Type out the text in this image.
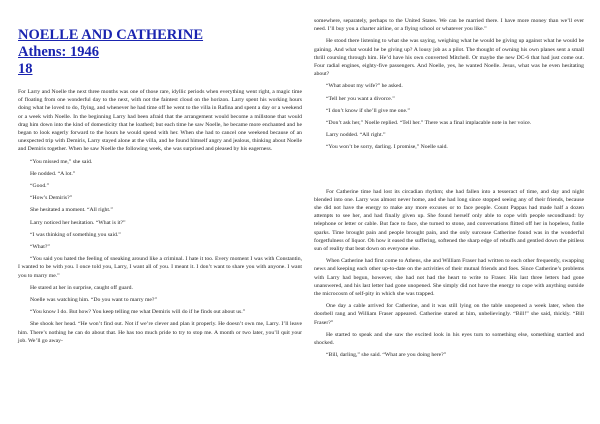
NOELLE AND CATHERINE
Athens: 1946
18

For Larry and Noelle the next three months was one of those rare, idyllic periods when everything went right, a magic time of floating from one wonderful day to the next, with not the faintest cloud on the horizon. Larry spent his working hours doing what he loved to do, flying, and whenever he had time off he went to the villa in Rafina and spent a day or a weekend or a week with Noelle. In the beginning Larry had been afraid that the arrangement would become a millstone that would drag him down into the kind of domesticity that he loathed; but each time he saw Noelle, he became more enchanted and he began to look eagerly forward to the hours he would spend with her. When she had to cancel one weekend because of an unexpected trip with Demiris, Larry stayed alone at the villa, and he found himself angry and jealous, thinking about Noelle and Demiris together. When he saw Noelle the following week, she was surprised and pleased by his eagerness.

“You missed me,” she said.

He nodded. “A lot.”

“Good.”

“How’s Demiris?”

She hesitated a moment. “All right.”

Larry noticed her hesitation. “What is it?”

“I was thinking of something you said.”

“What?”

“You said you hated the feeling of sneaking around like a criminal. I hate it too. Every moment I was with Constantin, I wanted to be with you. I once told you, Larry, I want all of you. I meant it. I don’t want to share you with anyone. I want you to marry me.”

He stared at her in surprise, caught off guard.

Noelle was watching him. “Do you want to marry me?”

“You know I do. But how? You keep telling me what Demiris will do if he finds out about us.”

She shook her head. “He won’t find out. Not if we’re clever and plan it properly. He doesn’t own me, Larry. I’ll leave him. There’s nothing he can do about that. He has too much pride to try to stop me. A month or two later, you’ll quit your job. We’ll go away-

somewhere, separately, perhaps to the United States. We can be married there. I have more money than we’ll ever need. I’ll buy you a charter airline, or a flying school or whatever you like.”

He stood there listening to what she was saying, weighing what he would be giving up against what he would be gaining. And what would he be giving up? A lousy job as a pilot. The thought of owning his own planes sent a small thrill coursing through him. He’d have his own converted Mitchell. Or maybe the new DC-6 that had just come out. Four radial engines, eighty-five passengers. And Noelle, yes, he wanted Noelle. Jesus, what was he even hesitating about?

“What about my wife?” he asked.

“Tell her you want a divorce.”

“I don’t know if she’ll give me one.”

“Don’t ask her,” Noelle replied. “Tell her.” There was a final implacable note in her voice.

Larry nodded. “All right.”

“You won’t be sorry, darling. I promise,” Noelle said.

For Catherine time had lost its circadian rhythm; she had fallen into a tesseract of time, and day and night blended into one. Larry was almost never home, and she had long since stopped seeing any of their friends, because she did not have the energy to make any more excuses or to face people. Count Pappas had made half a dozen attempts to see her, and had finally given up. She found herself only able to cope with people secondhand: by telephone or letter or cable. But face to face, she turned to stone, and conversations flitted off her in hopeless, futile sparks. Time brought pain and people brought pain, and the only surcease Catherine found was in the wonderful forgetfulness of liquor. Oh how it eased the suffering, softened the sharp edge of rebuffs and gentled down the pitiless sun of reality that beat down on everyone else.

When Catherine had first come to Athens, she and William Fraser had written to each other frequently, swapping news and keeping each other up-to-date on the activities of their mutual friends and foes. Since Catherine’s problems with Larry had begun, however, she had not had the heart to write to Fraser. His last three letters had gone unanswered, and his last letter had gone unopened. She simply did not have the energy to cope with anything outside the microcosm of self-pity in which she was trapped.

One day a cable arrived for Catherine, and it was still lying on the table unopened a week later, when the doorbell rang and William Fraser appeared. Catherine stared at him, unbelievingly. “Bill!” she said, thickly. “Bill Fraser?”

He started to speak and she saw the excited look in his eyes turn to something else, something startled and shocked.

“Bill, darling,” she said. “What are you doing here?”
